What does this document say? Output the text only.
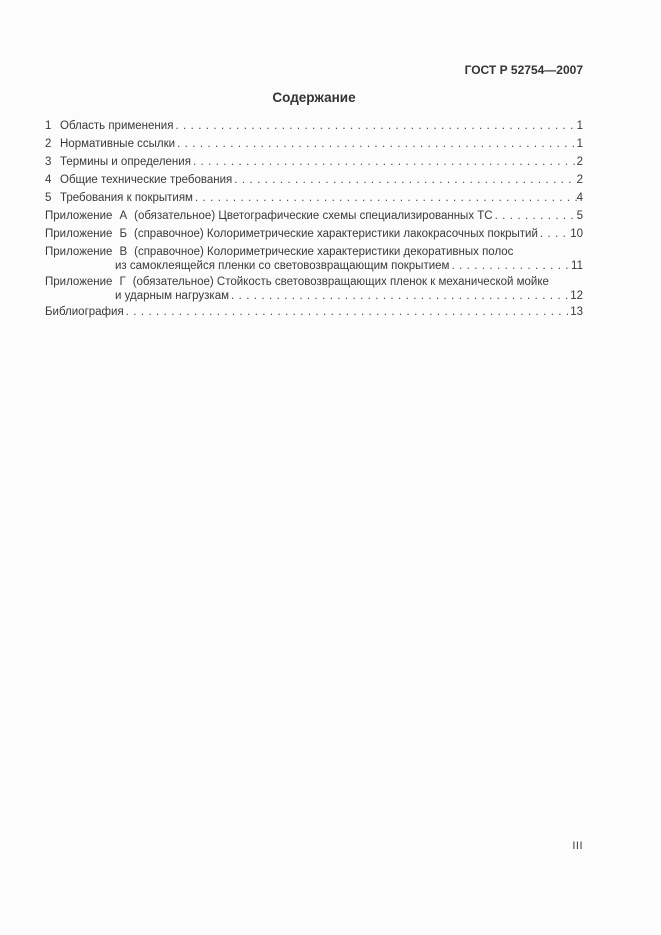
ГОСТ Р 52754—2007
Содержание
1 Область применения . . .	1
2 Нормативные ссылки . . .	1
3 Термины и определения . . .	2
4 Общие технические требования . . .	2
5 Требования к покрытиям . . .	4
Приложение А (обязательное) Цветографические схемы специализированных ТС . . .	5
Приложение Б (справочное) Колориметрические характеристики лакокрасочных покрытий . . .	10
Приложение В (справочное) Колориметрические характеристики декоративных полос
из самоклеящейся пленки со световозвращающим покрытием . . .	11
Приложение Г (обязательное) Стойкость световозвращающих пленок к механической мойке
и ударным нагрузкам . . .	12
Библиография . . .	13
III
